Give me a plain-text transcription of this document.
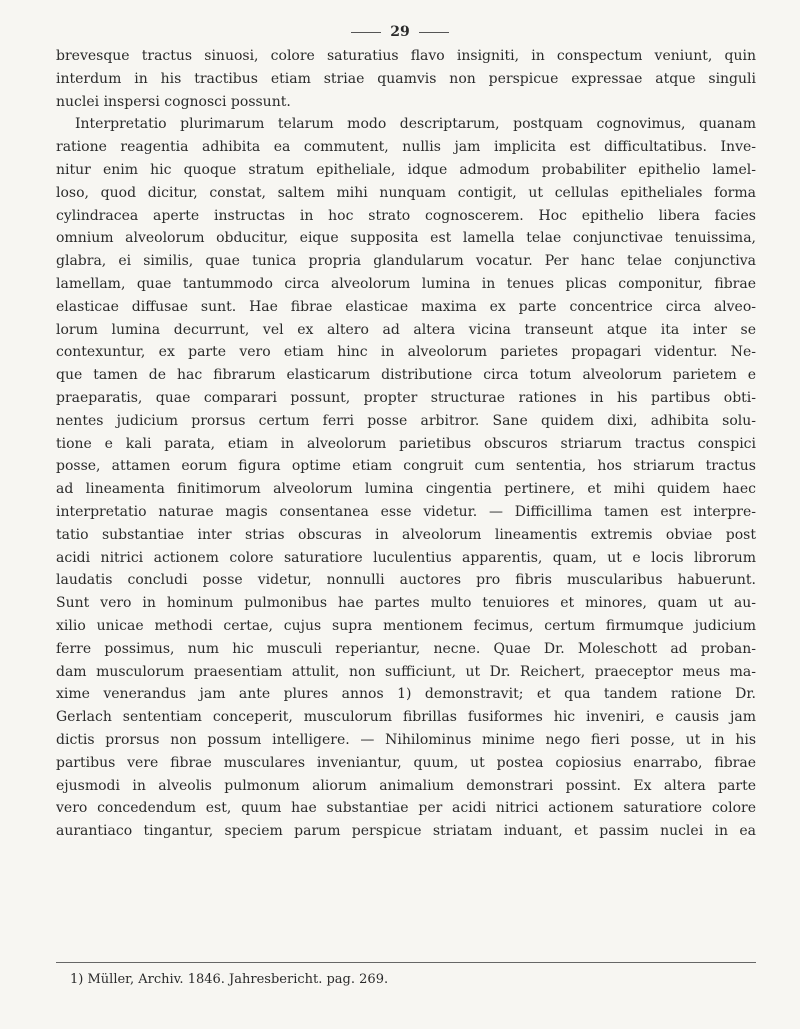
29
brevesque tractus sinuosi, colore saturatius flavo insigniti, in conspectum veniunt, quin
interdum in his tractibus etiam striae quamvis non perspicue expressae atque singuli
nuclei inspersi cognosci possunt.
Interpretatio plurimarum telarum modo descriptarum, postquam cognovimus, quanam
ratione reagentia adhibita ea commutent, nullis jam implicita est difficultatibus. Inve-
nitur enim hic quoque stratum epitheliale, idque admodum probabiliter epithelio lamel-
loso, quod dicitur, constat, saltem mihi nunquam contigit, ut cellulas epitheliales forma
cylindracea aperte instructas in hoc strato cognoscerem. Hoc epithelio libera facies
omnium alveolorum obducitur, eique supposita est lamella telae conjunctivae tenuissima,
glabra, ei similis, quae tunica propria glandularum vocatur. Per hanc telae conjunctiva
lamellam, quae tantummodo circa alveolorum lumina in tenues plicas componitur, fibrae
elasticae diffusae sunt. Hae fibrae elasticae maxima ex parte concentrice circa alveo-
lorum lumina decurrunt, vel ex altero ad altera vicina transeunt atque ita inter se
contexuntur, ex parte vero etiam hinc in alveolorum parietes propagari videntur. Ne-
que tamen de hac fibrarum elasticarum distributione circa totum alveolorum parietem e
praeparatis, quae comparari possunt, propter structurae rationes in his partibus obti-
nentes judicium prorsus certum ferri posse arbitror. Sane quidem dixi, adhibita solu-
tione e kali parata, etiam in alveolorum parietibus obscuros striarum tractus conspici
posse, attamen eorum figura optime etiam congruit cum sententia, hos striarum tractus
ad lineamenta finitimorum alveolorum lumina cingentia pertinere, et mihi quidem haec
interpretatio naturae magis consentanea esse videtur. — Difficillima tamen est interpre-
tatio substantiae inter strias obscuras in alveolorum lineamentis extremis obviae post
acidi nitrici actionem colore saturatiore luculentius apparentis, quam, ut e locis librorum
laudatis concludi posse videtur, nonnulli auctores pro fibris muscularibus habuerunt.
Sunt vero in hominum pulmonibus hae partes multo tenuiores et minores, quam ut au-
xilio unicae methodi certae, cujus supra mentionem fecimus, certum firmumque judicium
ferre possimus, num hic musculi reperiantur, necne. Quae Dr. Moleschott ad proban-
dam musculorum praesentiam attulit, non sufficiunt, ut Dr. Reichert, praeceptor meus ma-
xime venerandus jam ante plures annos 1) demonstravit; et qua tandem ratione Dr.
Gerlach sententiam conceperit, musculorum fibrillas fusiformes hic inveniri, e causis jam
dictis prorsus non possum intelligere. — Nihilominus minime nego fieri posse, ut in his
partibus vere fibrae musculares inveniantur, quum, ut postea copiosius enarrabo, fibrae
ejusmodi in alveolis pulmonum aliorum animalium demonstrari possint. Ex altera parte
vero concedendum est, quum hae substantiae per acidi nitrici actionem saturatiore colore
aurantiaco tingantur, speciem parum perspicue striatam induant, et passim nuclei in ea
1) Müller, Archiv. 1846. Jahresbericht. pag. 269.
